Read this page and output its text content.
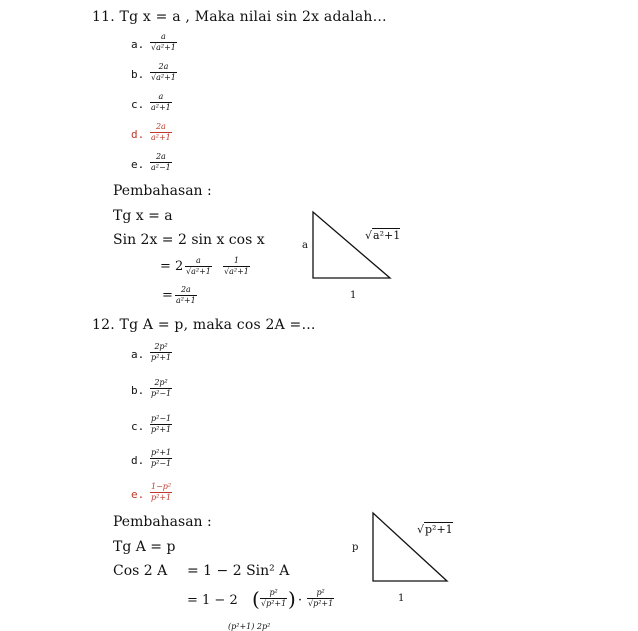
11. Tg x = a , Maka nilai sin 2x adalah…
a. $\frac{a}{\text{√a²+1}}$
b. $\frac{2a}{\text{√a²+1}}$
c. $\frac{a}{\text{a²+1}}$
d. $\frac{2a}{\text{a²+1}}$
e. $\frac{2a}{\text{a²−1}}$
Pembahasan :
Tg x = a
Sin 2x = 2 sin x cos x
= $2 \frac{a}{\text{√a²+1}} \frac{1}{\text{√a²+1}}$
= $\frac{2a}{\text{a²+1}}$
a
1
√a²+1
12. Tg A = p, maka cos 2A =…
a. $\frac{\text{2p²}}{\text{p²+1}}$
b. $\frac{\text{2p²}}{\text{p²−1}}$
c. $\frac{\text{p²−1}}{\text{p²+1}}$
d. $\frac{\text{p²+1}}{\text{p²−1}}$
e. $\frac{\text{1−p²}}{\text{p²+1}}$
Pembahasan :
Tg A = p
Cos 2 A = 1 − 2 Sin² A
= 1 − 2 ( $\frac{\text{p²}}{\text{√p²+1}}$ ) · $\frac{\text{p²}}{\text{√p²+1}}$
(p²+1) 2p²
p
1
√p²+1
